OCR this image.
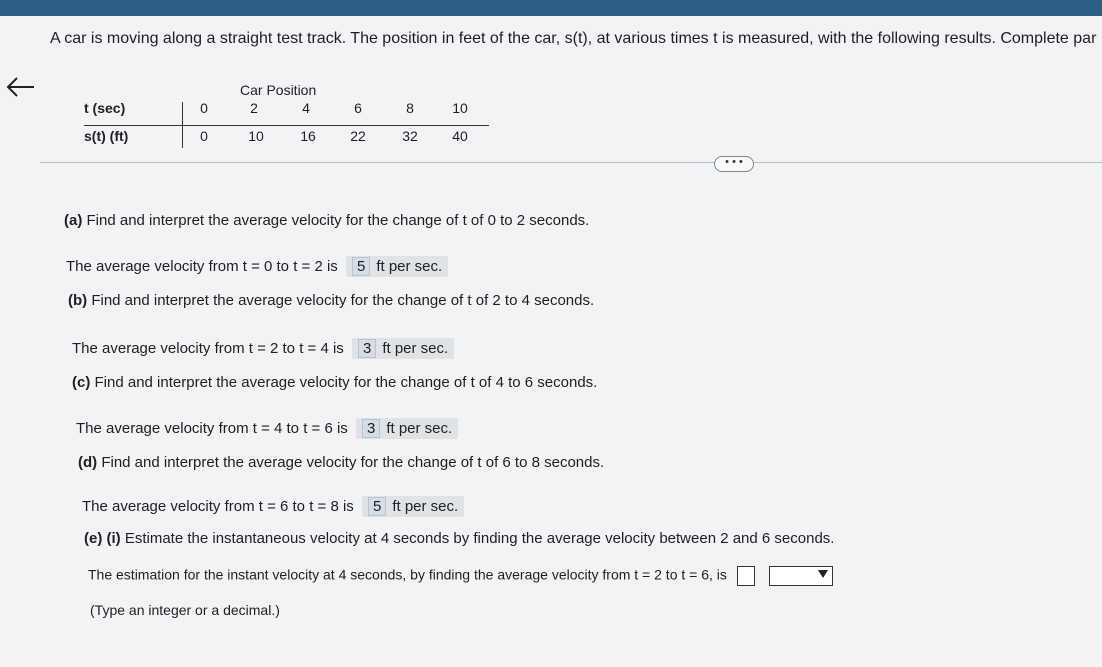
A car is moving along a straight test track. The position in feet of the car, s(t), at various times t is measured, with the following results. Complete par
Car Position
t (sec)	0	2	4	6	8	10
s(t) (ft)	0	10	16	22	32	40
• • •
(a) Find and interpret the average velocity for the change of t of 0 to 2 seconds.
The average velocity from t = 0 to t = 2 is 5 ft per sec.
(b) Find and interpret the average velocity for the change of t of 2 to 4 seconds.
The average velocity from t = 2 to t = 4 is 3 ft per sec.
(c) Find and interpret the average velocity for the change of t of 4 to 6 seconds.
The average velocity from t = 4 to t = 6 is 3 ft per sec.
(d) Find and interpret the average velocity for the change of t of 6 to 8 seconds.
The average velocity from t = 6 to t = 8 is 5 ft per sec.
(e) (i) Estimate the instantaneous velocity at 4 seconds by finding the average velocity between 2 and 6 seconds.
The estimation for the instant velocity at 4 seconds, by finding the average velocity from t = 2 to t = 6, is
(Type an integer or a decimal.)
